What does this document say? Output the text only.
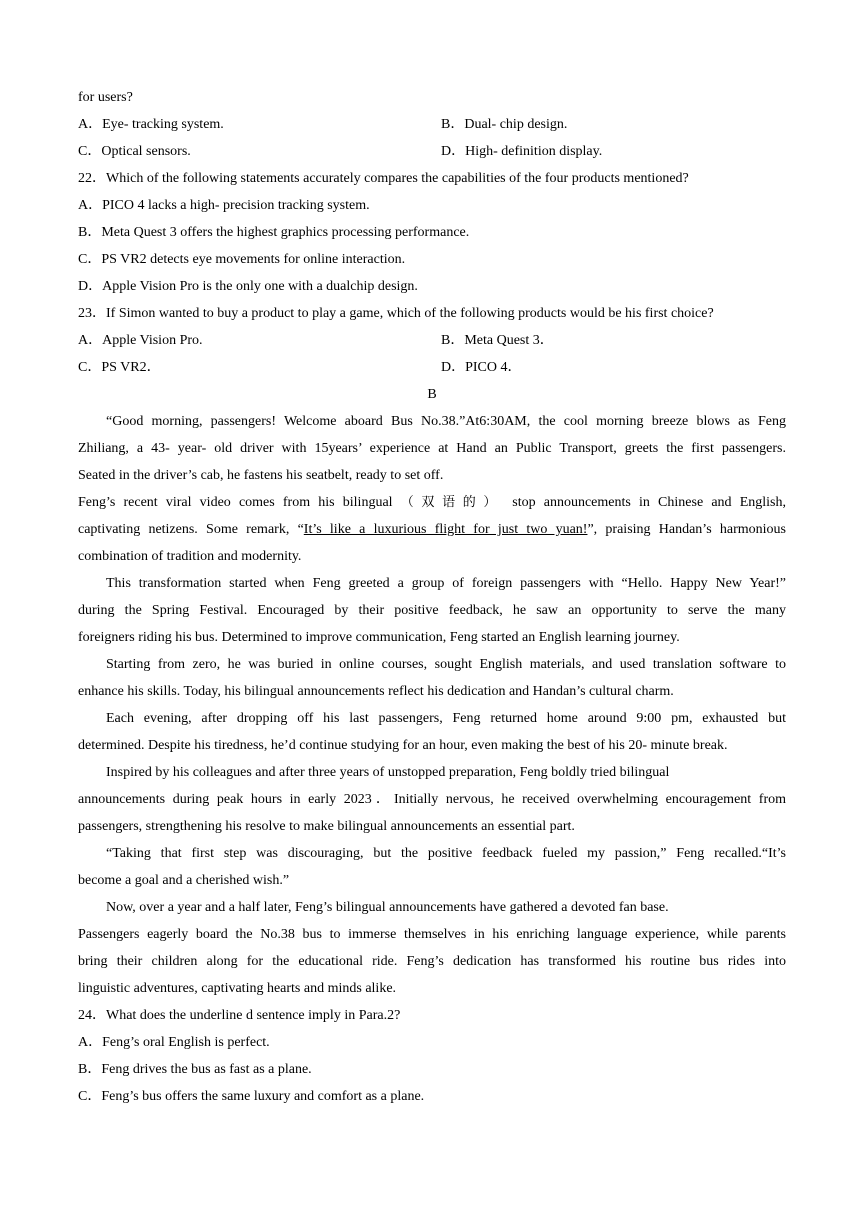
for users?
A．Eye- tracking system.	B．Dual- chip design.
C．Optical sensors.	D．High- definition display.
22．Which of the following statements accurately compares the capabilities of the four products mentioned?
A．PICO 4 lacks a high- precision tracking system.
B．Meta Quest 3 offers the highest graphics processing performance.
C．PS VR2 detects eye movements for online interaction.
D．Apple Vision Pro is the only one with a dualchip design.
23．If Simon wanted to buy a product to play a game, which of the following products would be his first choice?
A．Apple Vision Pro.	B．Meta Quest 3．
C．PS VR2．	D．PICO 4．
B
“Good morning, passengers! Welcome aboard Bus No.38.”At6:30AM, the cool morning breeze blows as Feng
Zhiliang, a 43- year- old driver with 15years’ experience at Hand an Public Transport, greets the first passengers.
Seated in the driver’s cab, he fastens his seatbelt, ready to set off.
Feng’s recent viral video comes from his bilingual （双语的） stop announcements in Chinese and English,
captivating netizens. Some remark, “It’s like a luxurious flight for just two yuan!”, praising Handan’s harmonious
combination of tradition and modernity.
This transformation started when Feng greeted a group of foreign passengers with “Hello. Happy New Year!”
during the Spring Festival. Encouraged by their positive feedback, he saw an opportunity to serve the many
foreigners riding his bus. Determined to improve communication, Feng started an English learning journey.
Starting from zero, he was buried in online courses, sought English materials, and used translation software to
enhance his skills. Today, his bilingual announcements reflect his dedication and Handan’s cultural charm.
Each evening, after dropping off his last passengers, Feng returned home around 9:00 pm, exhausted but
determined. Despite his tiredness, he’d continue studying for an hour, even making the best of his 20- minute break.
Inspired by his colleagues and after three years of unstopped preparation, Feng boldly tried bilingual
announcements during peak hours in early 2023．Initially nervous, he received overwhelming encouragement from
passengers, strengthening his resolve to make bilingual announcements an essential part.
“Taking that first step was discouraging, but the positive feedback fueled my passion,” Feng recalled.“It’s
become a goal and a cherished wish.”
Now, over a year and a half later, Feng’s bilingual announcements have gathered a devoted fan base.
Passengers eagerly board the No.38 bus to immerse themselves in his enriching language experience, while parents
bring their children along for the educational ride. Feng’s dedication has transformed his routine bus rides into
linguistic adventures, captivating hearts and minds alike.
24．What does the underline d sentence imply in Para.2?
A．Feng’s oral English is perfect.
B．Feng drives the bus as fast as a plane.
C．Feng’s bus offers the same luxury and comfort as a plane.
